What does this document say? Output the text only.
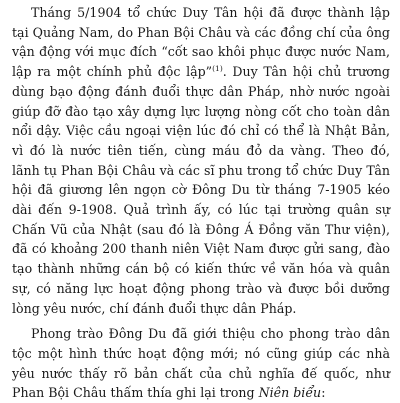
Tháng 5/1904 tổ chức Duy Tân hội đã được thành lập tại Quảng Nam, do Phan Bội Châu và các đồng chí của ông vận động với mục đích “cốt sao khôi phục được nước Nam, lập ra một chính phủ độc lập”$^{(1)}$. Duy Tân hội chủ trương dùng bạo động đánh đuổi thực dân Pháp, nhờ nước ngoài giúp đỡ đào tạo xây dựng lực lượng nòng cốt cho toàn dân nổi dậy. Việc cầu ngoại viện lúc đó chỉ có thể là Nhật Bản, vì đó là nước tiên tiến, cùng máu đỏ da vàng. Theo đó, lãnh tụ Phan Bội Châu và các sĩ phu trong tổ chức Duy Tân hội đã giương lên ngọn cờ Đông Du từ tháng 7-1905 kéo dài đến 9-1908. Quả trình ấy, có lúc tại trường quân sự Chấn Vũ của Nhật (sau đó là Đông Á Đồng văn Thư viện), đã có khoảng 200 thanh niên Việt Nam được gửi sang, đào tạo thành những cán bộ có kiến thức về văn hóa và quân sự, có năng lực hoạt động phong trào và được bồi dưỡng lòng yêu nước, chí đánh đuổi thực dân Pháp.

Phong trào Đông Du đã giới thiệu cho phong trào dân tộc một hình thức hoạt động mới; nó cũng giúp các nhà yêu nước thấy rõ bản chất của chủ nghĩa đế quốc, như Phan Bội Châu thấm thía ghi lại trong Niên biểu:
